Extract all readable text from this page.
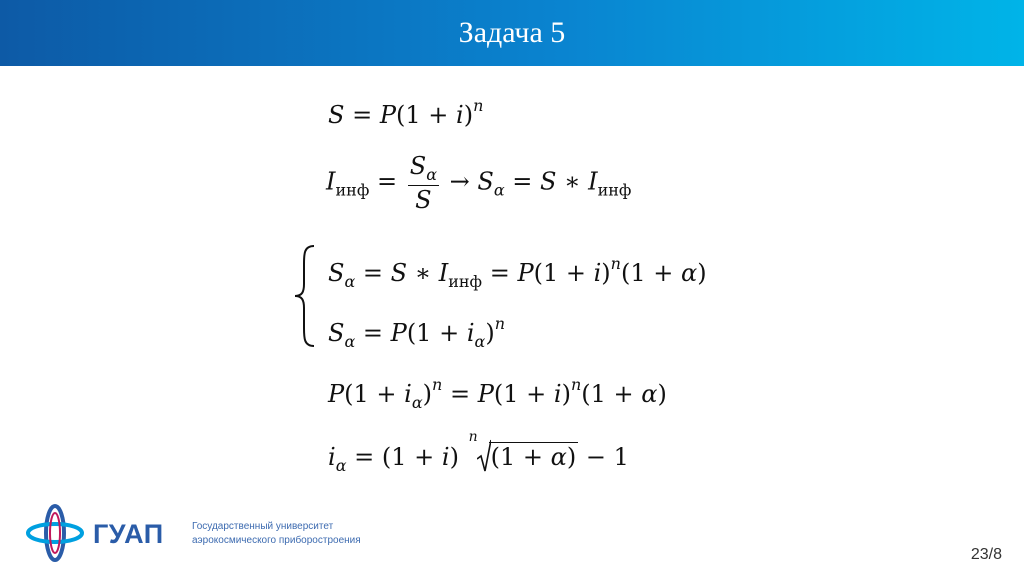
Задача 5
$S = P(1 + i)^n$
$I_{инф} = \frac{S_\alpha}{S} \to S_\alpha = S$ ∗ $I_{инф}$
$S_\alpha = S$ ∗ $I_{инф} = P(1 + i)^n(1 + \alpha)$
$S_\alpha = P(1 + i_\alpha)^n$
$P(1 + i_\alpha)^n = P(1 + i)^n(1 + \alpha)$
$i_\alpha = (1 + i)$
n
(1 + α) − 1
ГУАП	Государственный университет
аэрокосмического приборостроения
23/8
